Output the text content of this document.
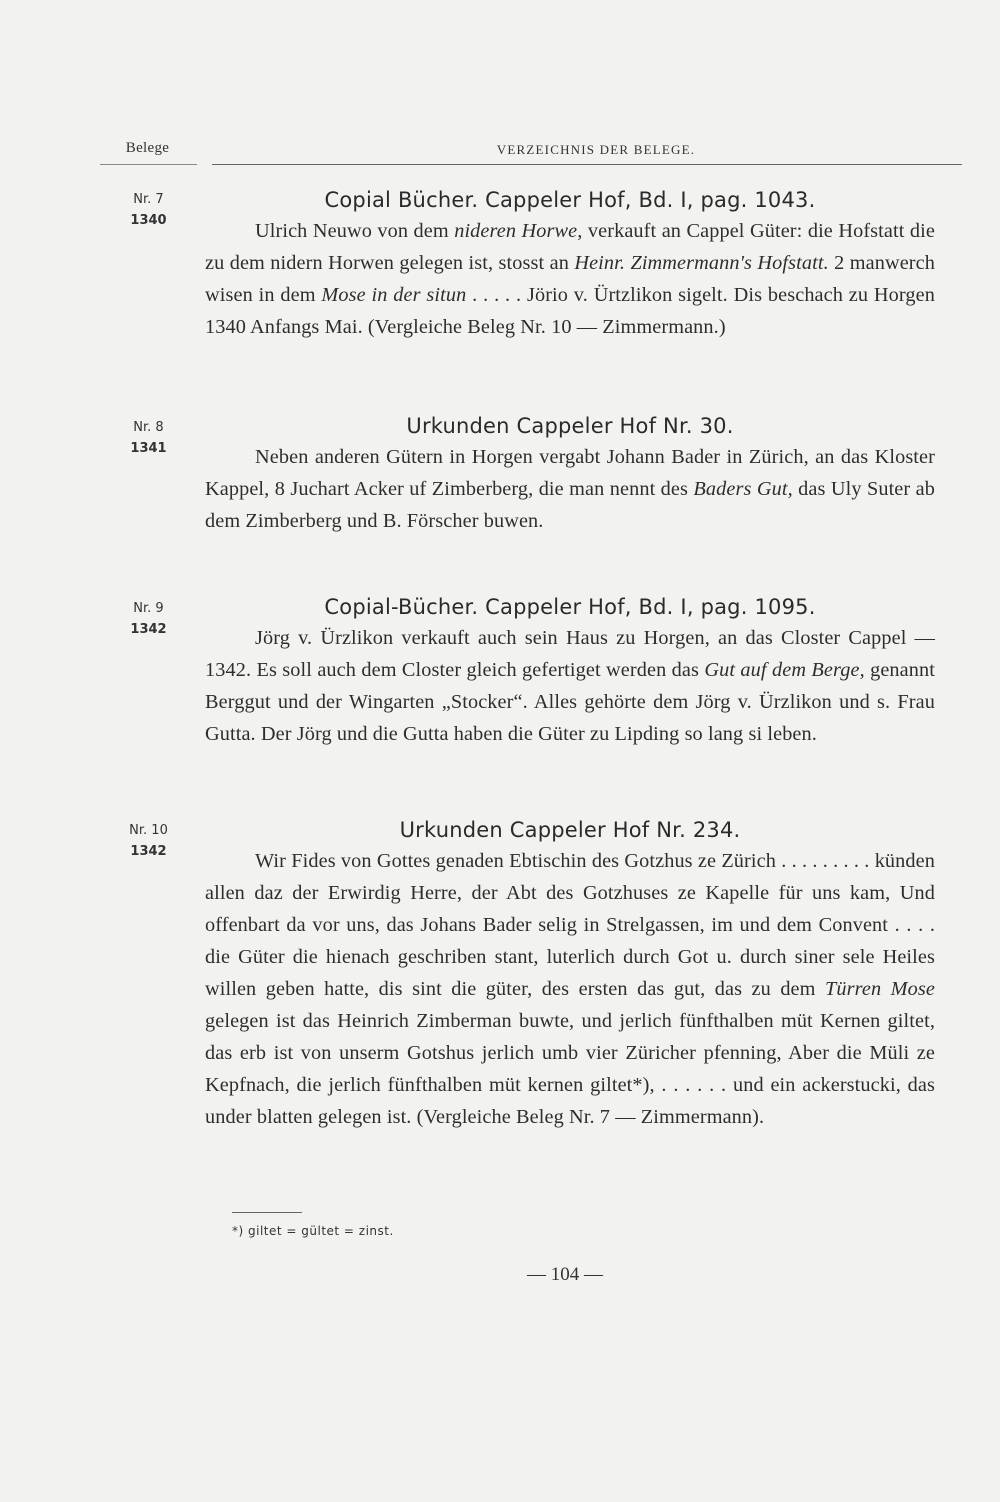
Belege	VERZEICHNIS DER BELEGE.
Nr. 7
1340
Copial Bücher. Cappeler Hof, Bd. I, pag. 1043.

Ulrich Neuwo von dem nideren Horwe, verkauft an Cappel Güter: die Hofstatt die zu dem nidern Horwen gelegen ist, stosst an Heinr. Zimmermann's Hofstatt. 2 manwerch wisen in dem Mose in der situn . . . . . Jörio v. Ürtzlikon sigelt. Dis beschach zu Horgen 1340 Anfangs Mai. (Vergleiche Beleg Nr. 10 — Zimmermann.)

Nr. 8
1341
Urkunden Cappeler Hof Nr. 30.

Neben anderen Gütern in Horgen vergabt Johann Bader in Zürich, an das Kloster Kappel, 8 Juchart Acker uf Zimberberg, die man nennt des Baders Gut, das Uly Suter ab dem Zimberberg und B. Förscher buwen.

Nr. 9
1342
Copial-Bücher. Cappeler Hof, Bd. I, pag. 1095.

Jörg v. Ürzlikon verkauft auch sein Haus zu Horgen, an das Closter Cappel — 1342. Es soll auch dem Closter gleich gefertiget werden das Gut auf dem Berge, genannt Berggut und der Wingarten „Stocker“. Alles gehörte dem Jörg v. Ürzlikon und s. Frau Gutta. Der Jörg und die Gutta haben die Güter zu Lipding so lang si leben.

Nr. 10
1342
Urkunden Cappeler Hof Nr. 234.

Wir Fides von Gottes genaden Ebtischin des Gotzhus ze Zürich . . . . . . . . . künden allen daz der Erwirdig Herre, der Abt des Gotzhuses ze Kapelle für uns kam, Und offenbart da vor uns, das Johans Bader selig in Strelgassen, im und dem Convent . . . . die Güter die hienach geschriben stant, luterlich durch Got u. durch siner sele Heiles willen geben hatte, dis sint die güter, des ersten das gut, das zu dem Türren Mose gelegen ist das Heinrich Zimberman buwte, und jerlich fünfthalben müt Kernen giltet, das erb ist von unserm Gotshus jerlich umb vier Züricher pfenning, Aber die Müli ze Kepfnach, die jerlich fünfthalben müt kernen giltet*), . . . . . . und ein ackerstucki, das under blatten gelegen ist. (Vergleiche Beleg Nr. 7 — Zimmermann).

*) giltet = gültet = zinst.
— 104 —
